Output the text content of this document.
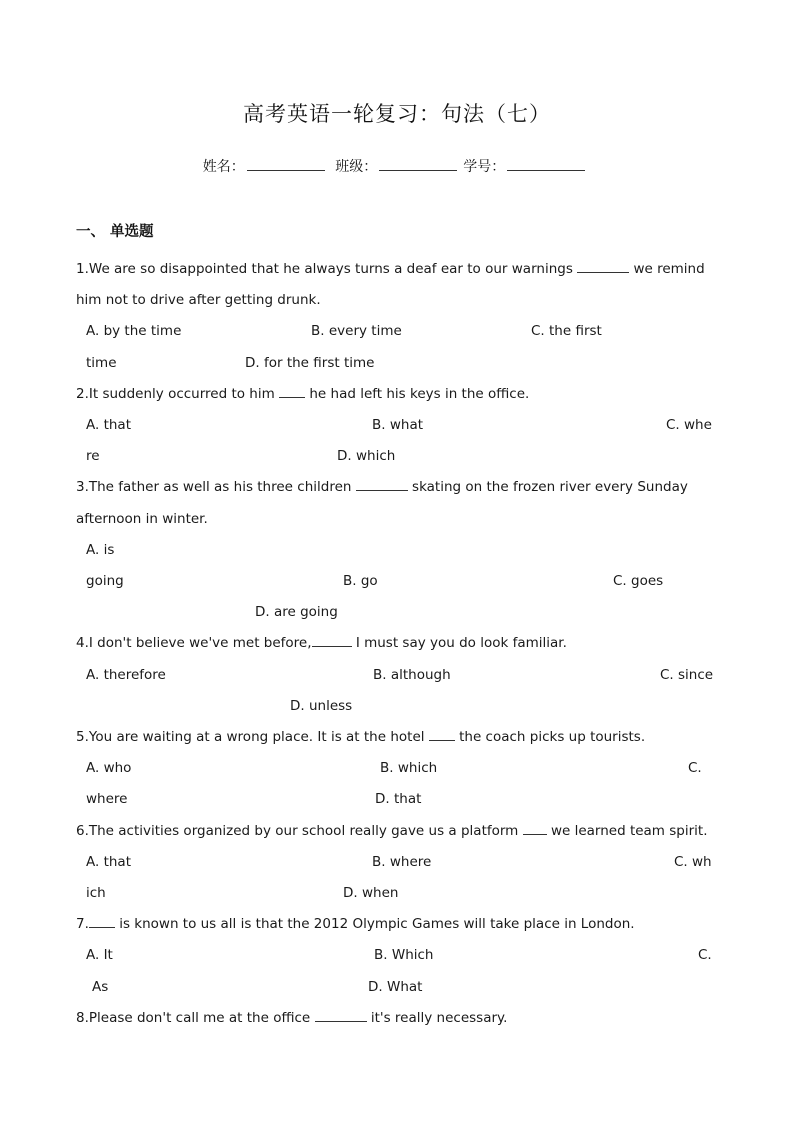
高考英语一轮复习：句法（七）
姓名：	班级：	学号：
一、 单选题
1.We are so disappointed that he always turns a deaf ear to our warnings	we remind
him not to drive after getting drunk.
A. by the time	B. every time	C. the first
time	D. for the first time
2.It suddenly occurred to him	he had left his keys in the office.
A. that	B. what	C. whe
re	D. which
3.The father as well as his three children	skating on the frozen river every Sunday
afternoon in winter.
A. is
going	B. go	C. goes
D. are going
4.I don't believe we've met before,	I must say you do look familiar.
A. therefore	B. although	C. since
D. unless
5.You are waiting at a wrong place. It is at the hotel	the coach picks up tourists.
A. who	B. which	C.
where	D. that
6.The activities organized by our school really gave us a platform we learned team spirit.
A. that	B. where	C. wh
ich	D. when
7. is known to us all is that the 2012 Olympic Games will take place in London.
A. It	B. Which	C.
As	D. What
8.Please don't call me at the office	it's really necessary.
